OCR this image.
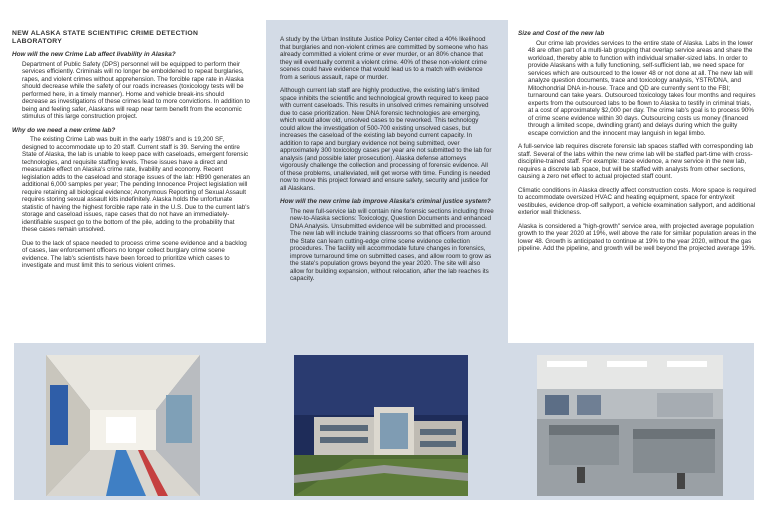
NEW ALASKA STATE SCIENTIFIC CRIME DETECTION LABORATORY
How will the new Crime Lab affect livability in Alaska?

Department of Public Safety (DPS) personnel will be equipped to perform their services efficiently. Criminals will no longer be emboldened to repeat burglaries, rapes, and violent crimes without apprehension. The forcible rape rate in Alaska should decrease while the safety of our roads increases (toxicology tests will be performed here, in a timely manner). Home and vehicle break-ins should decrease as investigations of these crimes lead to more convictions. In addition to being and feeling safer, Alaskans will reap near term benefit from the economic stimulus of this large construction project.

Why do we need a new crime lab?

The existing Crime Lab was built in the early 1980's and is 19,200 SF, designed to accommodate up to 20 staff. Current staff is 39. Serving the entire State of Alaska, the lab is unable to keep pace with caseloads, emergent forensic technologies, and requisite staffing levels. These issues have a direct and measurable effect on Alaska's crime rate, livability and economy. Recent legislation adds to the caseload and storage issues of the lab: HB90 generates an additional 6,000 samples per year; The pending Innocence Project legislation will require retaining all biological evidence; Anonymous Reporting of Sexual Assault requires storing sexual assault kits indefinitely. Alaska holds the unfortunate statistic of having the highest forcible rape rate in the U.S. Due to the current lab's storage and caseload issues, rape cases that do not have an immediately-identifiable suspect go to the bottom of the pile, adding to the probability that these cases remain unsolved.

Due to the lack of space needed to process crime scene evidence and a backlog of cases, law enforcement officers no longer collect burglary crime scene evidence. The lab's scientists have been forced to prioritize which cases to investigate and must limit this to serious violent crimes.

A study by the Urban Institute Justice Policy Center cited a 40% likelihood that burglaries and non-violent crimes are committed by someone who has already committed a violent crime or ever murder, or an 80% chance that they will eventually commit a violent crime. 40% of these non-violent crime scenes could have evidence that would lead us to a match with evidence from a serious assault, rape or murder.

Although current lab staff are highly productive, the existing lab's limited space inhibits the scientific and technological growth required to keep pace with current caseloads. This results in unsolved crimes remaining unsolved due to case prioritization. New DNA forensic technologies are emerging, which would allow old, unsolved cases to be reworked. This technology could allow the investigation of 500-700 existing unsolved cases, but increases the caseload of the existing lab beyond current capacity. In addition to rape and burglary evidence not being submitted, over approximately 300 toxicology cases per year are not submitted to the lab for analysis (and possible later prosecution). Alaska defense attorneys vigorously challenge the collection and processing of forensic evidence. All of these problems, unalleviated, will get worse with time. Funding is needed now to move this project forward and ensure safety, security and justice for all Alaskans.

How will the new crime lab improve Alaska's criminal justice system?

The new full-service lab will contain nine forensic sections including three new-to-Alaska sections: Toxicology, Question Documents and enhanced DNA Analysis. Unsubmitted evidence will be submitted and processed. The new lab will include training classrooms so that officers from around the State can learn cutting-edge crime scene evidence collection procedures. The facility will accommodate future changes in forensics, improve turnaround time on submitted cases, and allow room to grow as the state's population grows beyond the year 2020. The site will also allow for building expansion, without relocation, after the lab reaches its capacity.

Size and Cost of the new lab

Our crime lab provides services to the entire state of Alaska. Labs in the lower 48 are often part of a multi-lab grouping that overlap service areas and share the workload, thereby able to function with individual smaller-sized labs. In order to provide Alaskans with a fully functioning, self-sufficient lab, we need space for services which are outsourced to the lower 48 or not done at all. The new lab will analyze question documents, trace and toxicology analysis, YSTR/DNA, and Mitochondrial DNA in-house. Trace and QD are currently sent to the FBI; turnaround can take years. Outsourced toxicology takes four months and requires experts from the outsourced labs to be flown to Alaska to testify in criminal trials, at a cost of approximately $2,000 per day. The crime lab's goal is to process 90% of crime scene evidence within 30 days. Outsourcing costs us money (financed through a limited scope, dwindling grant) and delays during which the guilty escape conviction and the innocent may languish in legal limbo.

A full-service lab requires discrete forensic lab spaces staffed with corresponding lab staff. Several of the labs within the new crime lab will be staffed part-time with cross-discipline-trained staff. For example: trace evidence, a new service in the new lab, requires a discrete lab space, but will be staffed with analysts from other sections, causing a zero net effect to actual projected staff count.

Climatic conditions in Alaska directly affect construction costs. More space is required to accommodate oversized HVAC and heating equipment, space for entry/exit vestibules, evidence drop-off sallyport, a vehicle examination sallyport, and additional exterior wall thickness.

Alaska is considered a "high-growth" service area, with projected average population growth to the year 2020 at 19%, well above the rate for similar population areas in the lower 48. Growth is anticipated to continue at 19% to the year 2020, without the gas pipeline. Add the pipeline, and growth will be well beyond the projected average 19%.
